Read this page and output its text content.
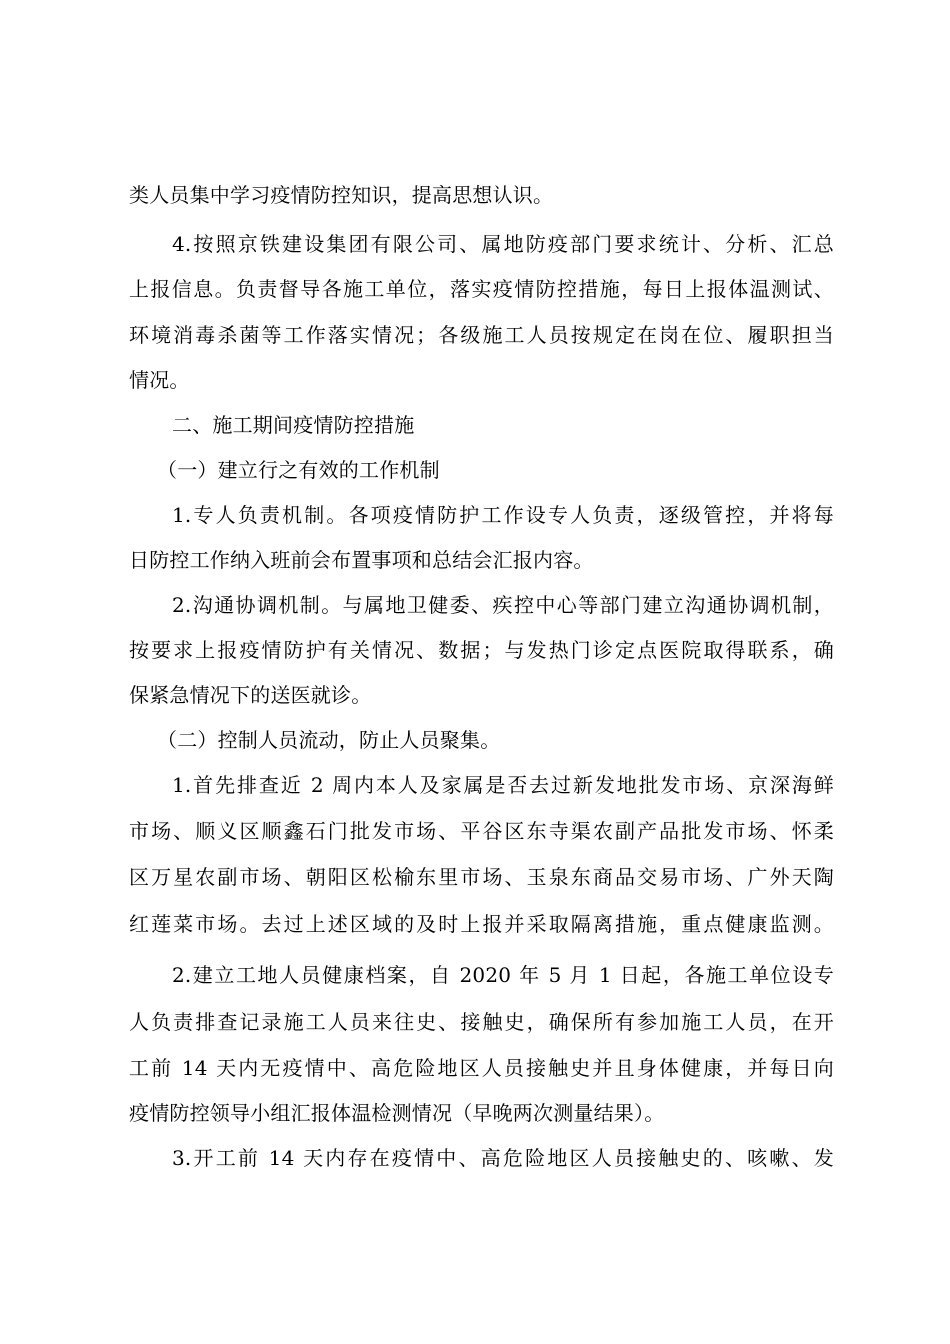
类人员集中学习疫情防控知识，提高思想认识。
4.按照京铁建设集团有限公司、属地防疫部门要求统计、分析、汇总
上报信息。负责督导各施工单位，落实疫情防控措施，每日上报体温测试、
环境消毒杀菌等工作落实情况；各级施工人员按规定在岗在位、履职担当
情况。
二、施工期间疫情防控措施
（一）建立行之有效的工作机制
1.专人负责机制。各项疫情防护工作设专人负责，逐级管控，并将每
日防控工作纳入班前会布置事项和总结会汇报内容。
2.沟通协调机制。与属地卫健委、疾控中心等部门建立沟通协调机制，
按要求上报疫情防护有关情况、数据；与发热门诊定点医院取得联系，确
保紧急情况下的送医就诊。
（二）控制人员流动，防止人员聚集。
1.首先排查近 2 周内本人及家属是否去过新发地批发市场、京深海鲜
市场、顺义区顺鑫石门批发市场、平谷区东寺渠农副产品批发市场、怀柔
区万星农副市场、朝阳区松榆东里市场、玉泉东商品交易市场、广外天陶
红莲菜市场。去过上述区域的及时上报并采取隔离措施，重点健康监测。
2.建立工地人员健康档案，自 2020 年 5 月 1 日起，各施工单位设专
人负责排查记录施工人员来往史、接触史，确保所有参加施工人员，在开
工前 14 天内无疫情中、高危险地区人员接触史并且身体健康，并每日向
疫情防控领导小组汇报体温检测情况（早晚两次测量结果）。
3.开工前 14 天内存在疫情中、高危险地区人员接触史的、咳嗽、发
